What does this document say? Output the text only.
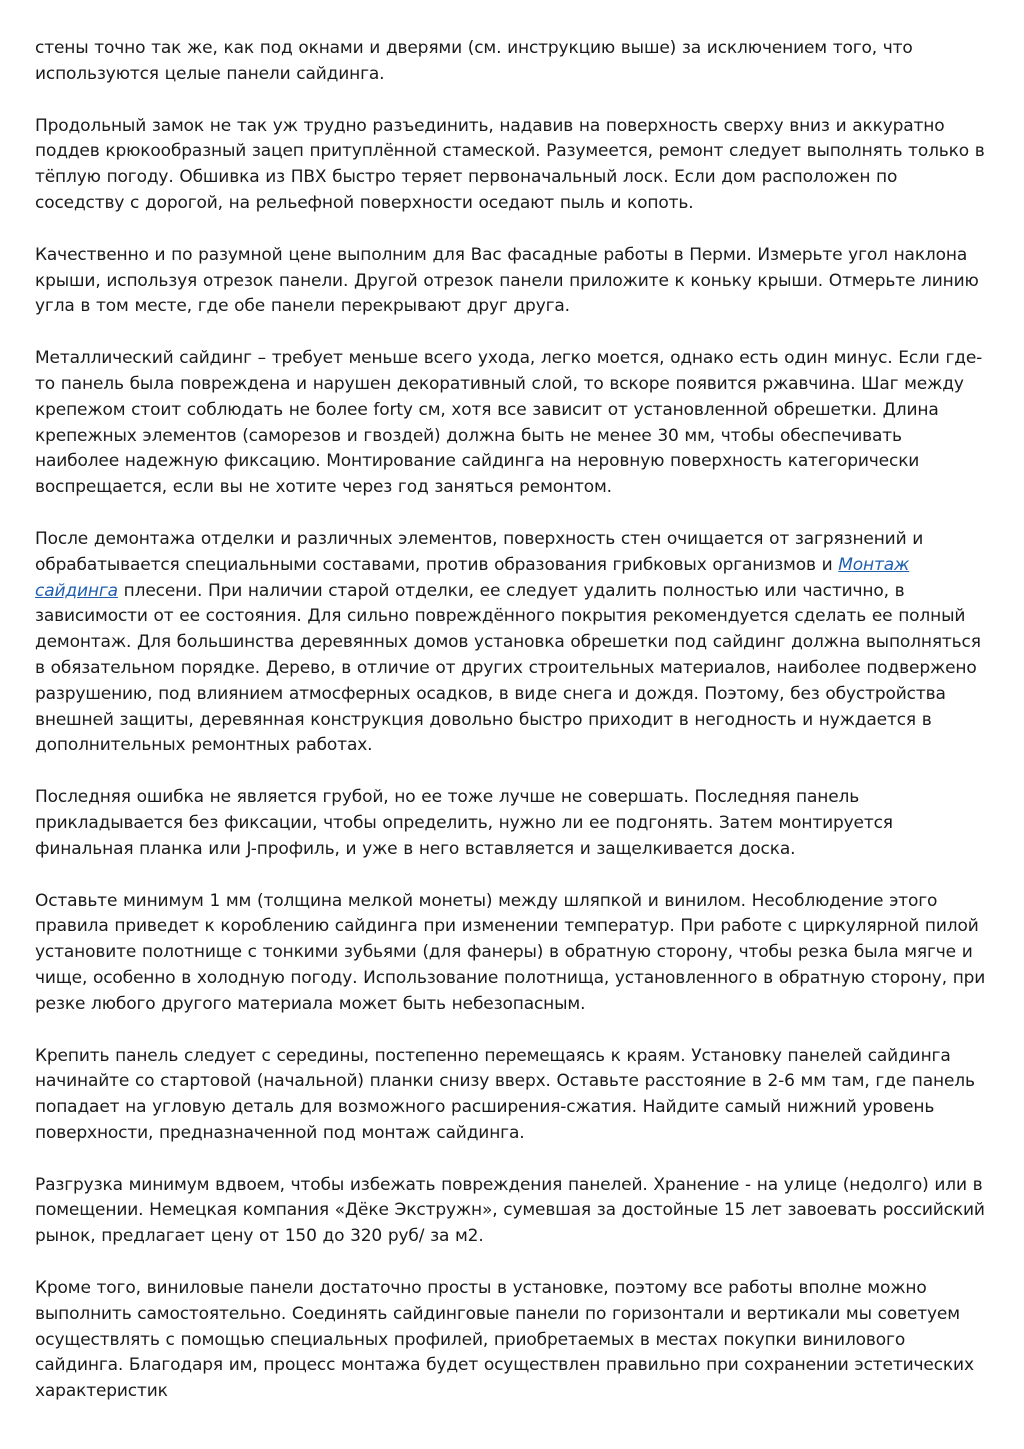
стены точно так же, как под окнами и дверями (см. инструкцию выше) за исключением того, что используются целые панели сайдинга.

Продольный замок не так уж трудно разъединить, надавив на поверхность сверху вниз и аккуратно поддев крюкообразный зацеп притуплённой стамеской. Разумеется, ремонт следует выполнять только в тёплую погоду. Обшивка из ПВХ быстро теряет первоначальный лоск. Если дом расположен по соседству с дорогой, на рельефной поверхности оседают пыль и копоть.

Качественно и по разумной цене выполним для Вас фасадные работы в Перми. Измерьте угол наклона крыши, используя отрезок панели. Другой отрезок панели приложите к коньку крыши. Отмерьте линию угла в том месте, где обе панели перекрывают друг друга.

Металлический сайдинг – требует меньше всего ухода, легко моется, однако есть один минус. Если где-то панель была повреждена и нарушен декоративный слой, то вскоре появится ржавчина. Шаг между крепежом стоит соблюдать не более forty см, хотя все зависит от установленной обрешетки. Длина крепежных элементов (саморезов и гвоздей) должна быть не менее 30 мм, чтобы обеспечивать наиболее надежную фиксацию. Монтирование сайдинга на неровную поверхность категорически воспрещается, если вы не хотите через год заняться ремонтом.

После демонтажа отделки и различных элементов, поверхность стен очищается от загрязнений и обрабатывается специальными составами, против образования грибковых организмов и Монтаж сайдинга плесени. При наличии старой отделки, ее следует удалить полностью или частично, в зависимости от ее состояния. Для сильно повреждённого покрытия рекомендуется сделать ее полный демонтаж. Для большинства деревянных домов установка обрешетки под сайдинг должна выполняться в обязательном порядке. Дерево, в отличие от других строительных материалов, наиболее подвержено разрушению, под влиянием атмосферных осадков, в виде снега и дождя. Поэтому, без обустройства внешней защиты, деревянная конструкция довольно быстро приходит в негодность и нуждается в дополнительных ремонтных работах.

Последняя ошибка не является грубой, но ее тоже лучше не совершать. Последняя панель прикладывается без фиксации, чтобы определить, нужно ли ее подгонять. Затем монтируется финальная планка или J-профиль, и уже в него вставляется и защелкивается доска.

Оставьте минимум 1 мм (толщина мелкой монеты) между шляпкой и винилом. Несоблюдение этого правила приведет к короблению сайдинга при изменении температур. При работе с циркулярной пилой установите полотнище с тонкими зубьями (для фанеры) в обратную сторону, чтобы резка была мягче и чище, особенно в холодную погоду. Использование полотнища, установленного в обратную сторону, при резке любого другого материала может быть небезопасным.

Крепить панель следует с середины, постепенно перемещаясь к краям. Установку панелей сайдинга начинайте со стартовой (начальной) планки снизу вверх. Оставьте расстояние в 2-6 мм там, где панель попадает на угловую деталь для возможного расширения-сжатия. Найдите самый нижний уровень поверхности, предназначенной под монтаж сайдинга.

Разгрузка минимум вдвоем, чтобы избежать повреждения панелей. Хранение - на улице (недолго) или в помещении. Немецкая компания «Дёке Экстружн», сумевшая за достойные 15 лет завоевать российский рынок, предлагает цену от 150 до 320 руб/ за м2.

Кроме того, виниловые панели достаточно просты в установке, поэтому все работы вполне можно выполнить самостоятельно. Соединять сайдинговые панели по горизонтали и вертикали мы советуем осуществлять с помощью специальных профилей, приобретаемых в местах покупки винилового сайдинга. Благодаря им, процесс монтажа будет осуществлен правильно при сохранении эстетических характеристик
